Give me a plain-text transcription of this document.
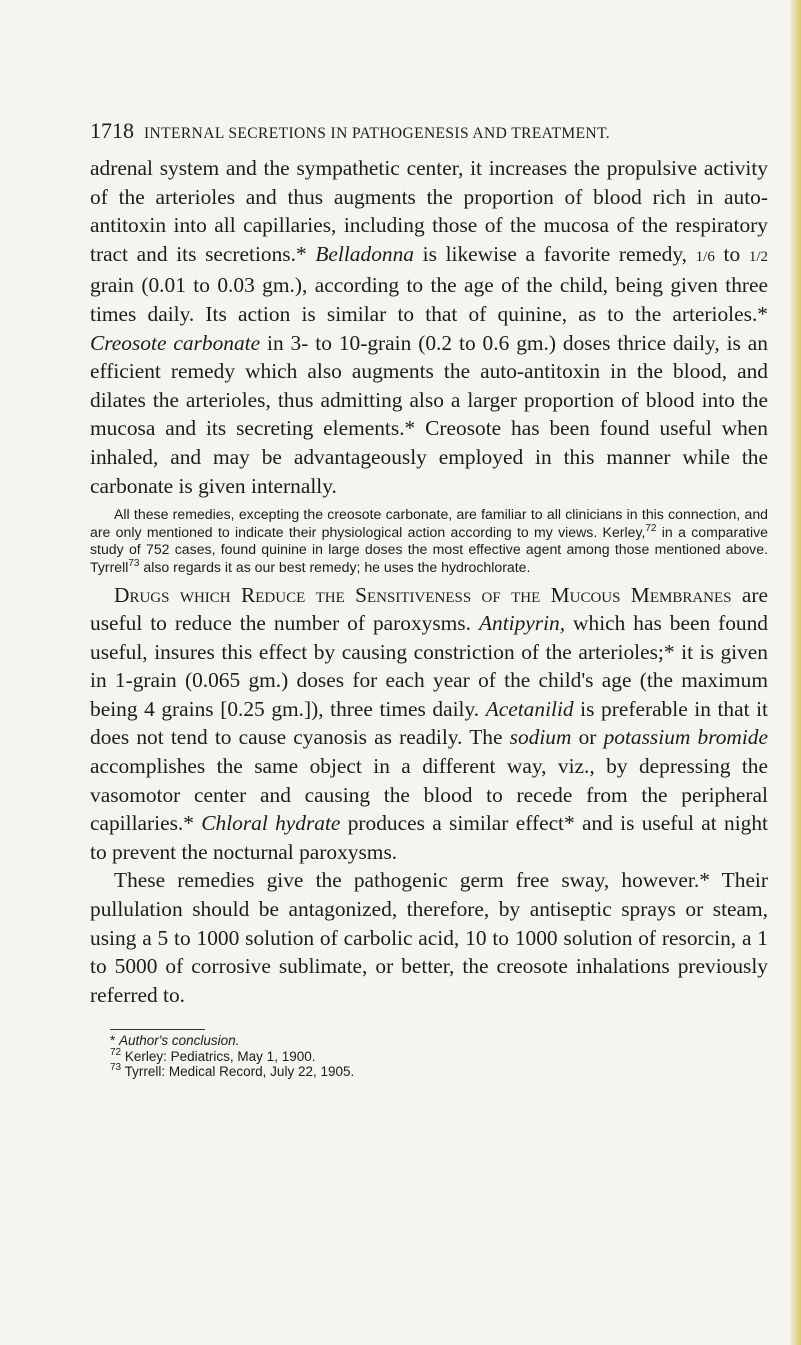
1718 INTERNAL SECRETIONS IN PATHOGENESIS AND TREATMENT.

adrenal system and the sympathetic center, it increases the propulsive activity of the arterioles and thus augments the proportion of blood rich in auto-antitoxin into all capillaries, including those of the mucosa of the respiratory tract and its secretions.* Belladonna is likewise a favorite remedy, 1/6 to 1/2 grain (0.01 to 0.03 gm.), according to the age of the child, being given three times daily. Its action is similar to that of quinine, as to the arterioles.* Creosote carbonate in 3- to 10-grain (0.2 to 0.6 gm.) doses thrice daily, is an efficient remedy which also augments the auto-antitoxin in the blood, and dilates the arterioles, thus admitting also a larger proportion of blood into the mucosa and its secreting elements.* Creosote has been found useful when inhaled, and may be advantageously employed in this manner while the carbonate is given internally.

All these remedies, excepting the creosote carbonate, are familiar to all clinicians in this connection, and are only mentioned to indicate their physiological action according to my views. Kerley,$^{72}$ in a comparative study of 752 cases, found quinine in large doses the most effective agent among those mentioned above. Tyrrell$^{73}$ also regards it as our best remedy; he uses the hydrochlorate.

Drugs which Reduce the Sensitiveness of the Mucous Membranes are useful to reduce the number of paroxysms. Antipyrin, which has been found useful, insures this effect by causing constriction of the arterioles;* it is given in 1-grain (0.065 gm.) doses for each year of the child's age (the maximum being 4 grains [0.25 gm.]), three times daily. Acetanilid is preferable in that it does not tend to cause cyanosis as readily. The sodium or potassium bromide accomplishes the same object in a different way, viz., by depressing the vasomotor center and causing the blood to recede from the peripheral capillaries.* Chloral hydrate produces a similar effect* and is useful at night to prevent the nocturnal paroxysms.

These remedies give the pathogenic germ free sway, however.* Their pullulation should be antagonized, therefore, by antiseptic sprays or steam, using a 5 to 1000 solution of carbolic acid, 10 to 1000 solution of resorcin, a 1 to 5000 of corrosive sublimate, or better, the creosote inhalations previously referred to.

* Author's conclusion.

$^{72}$ Kerley: Pediatrics, May 1, 1900.

$^{73}$ Tyrrell: Medical Record, July 22, 1905.
